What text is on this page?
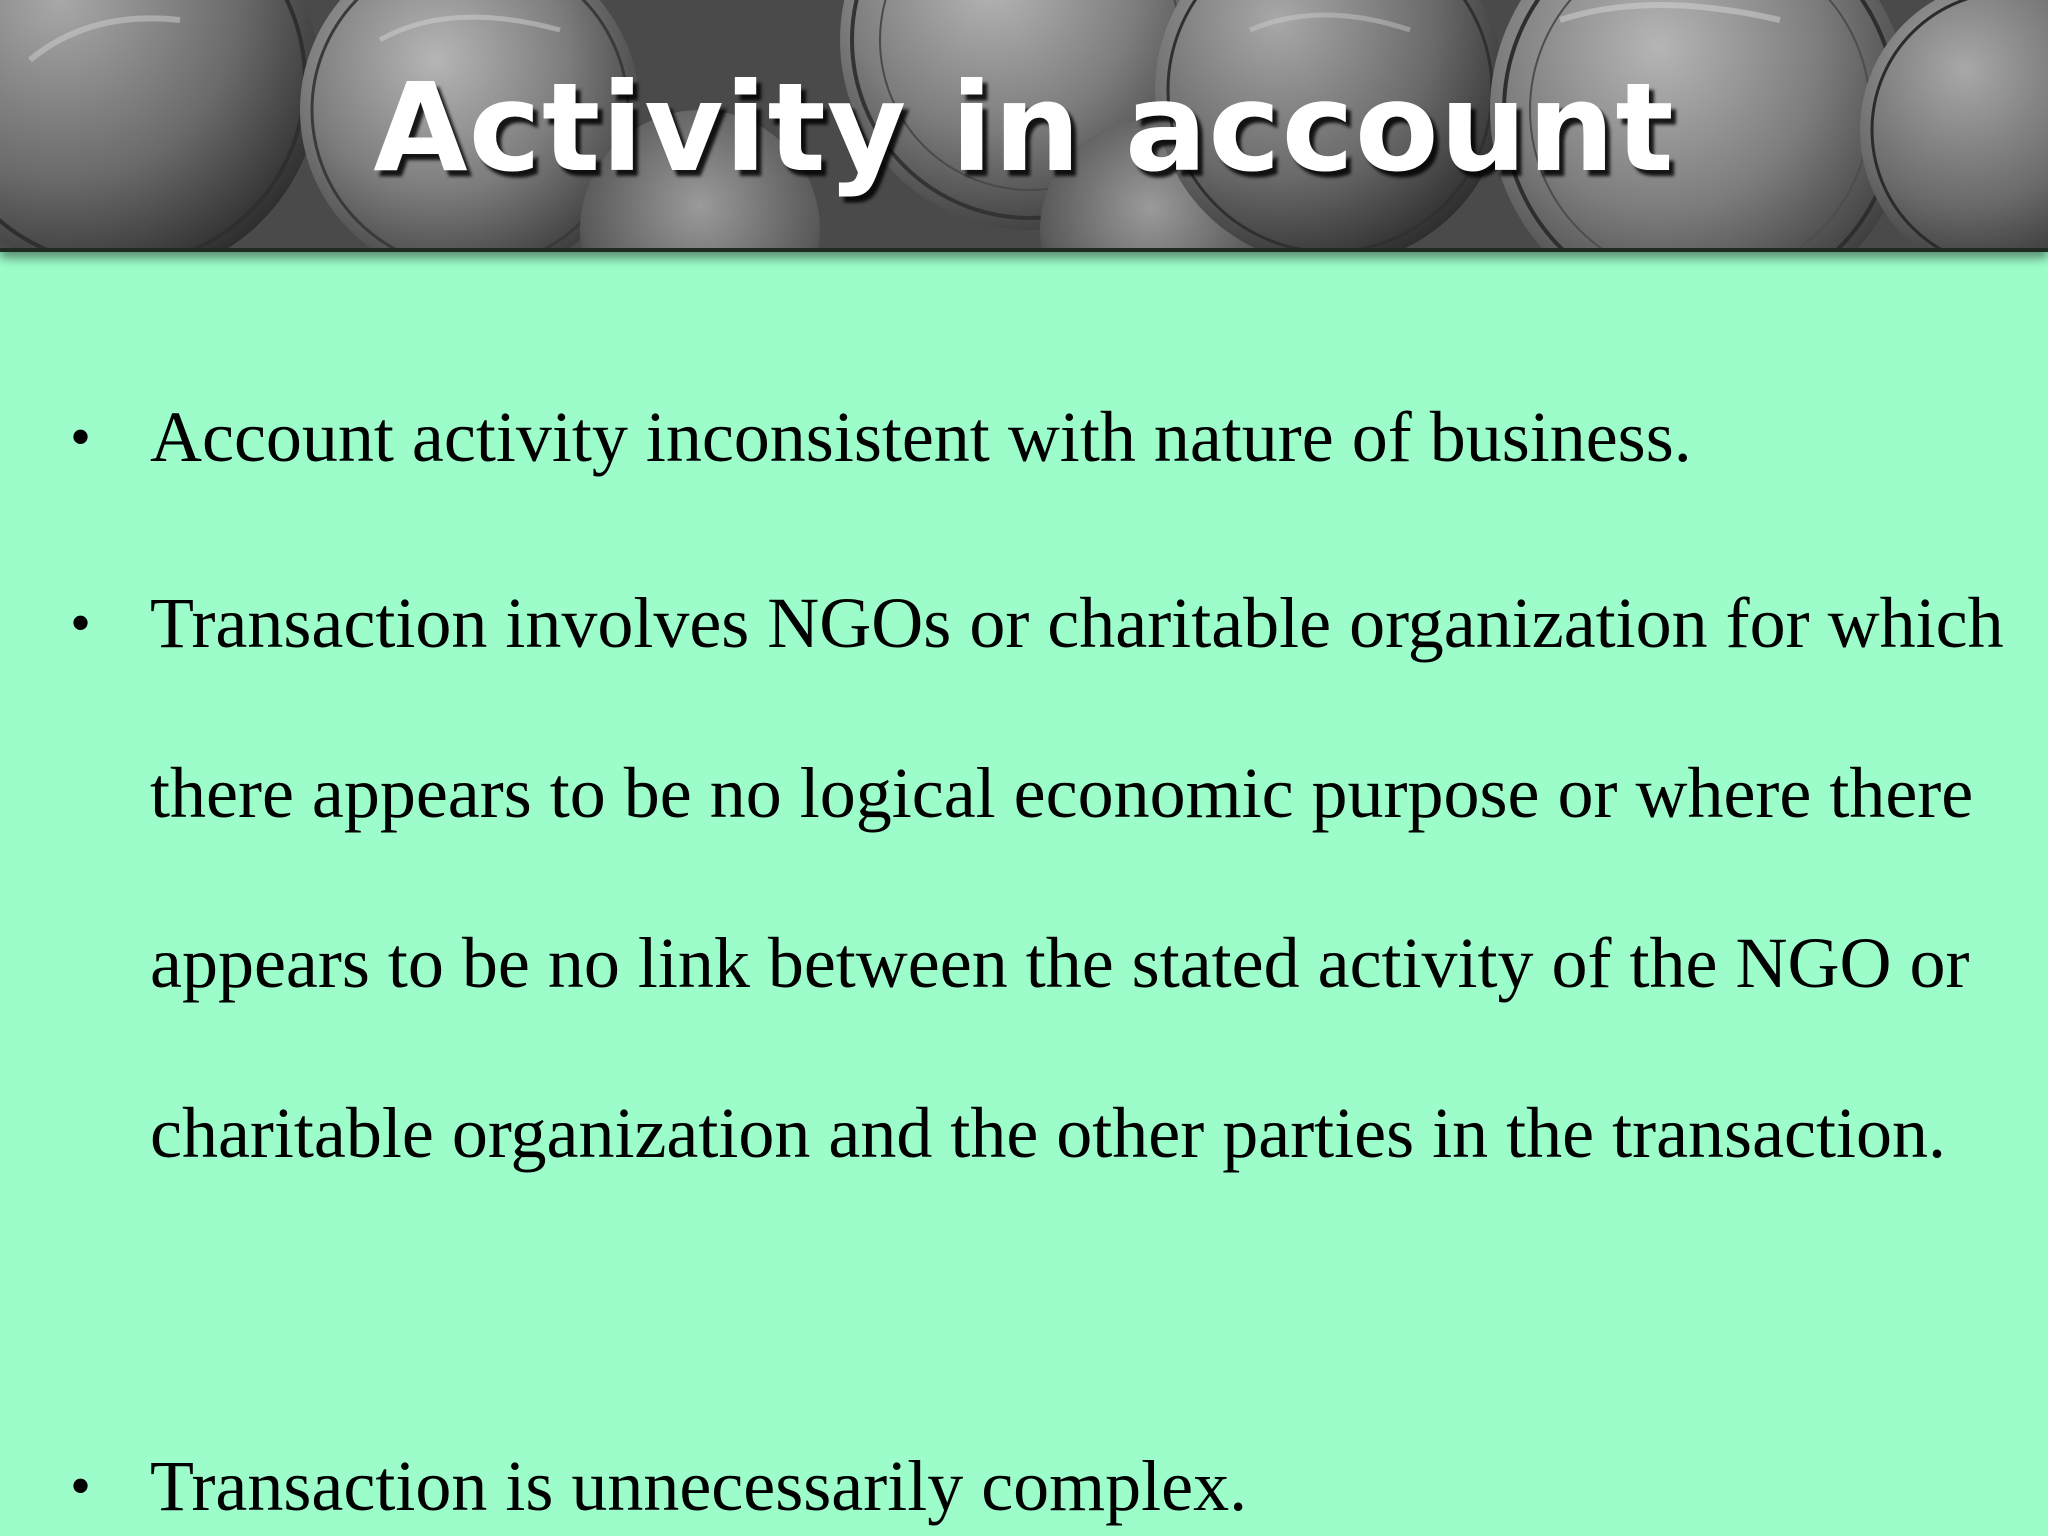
Activity in account
• Account activity inconsistent with nature of business.
• Transaction involves NGOs or charitable organization for which there appears to be no logical economic purpose or where there appears to be no link between the stated activity of the NGO or charitable organization and the other parties in the transaction.
• Transaction is unnecessarily complex.
